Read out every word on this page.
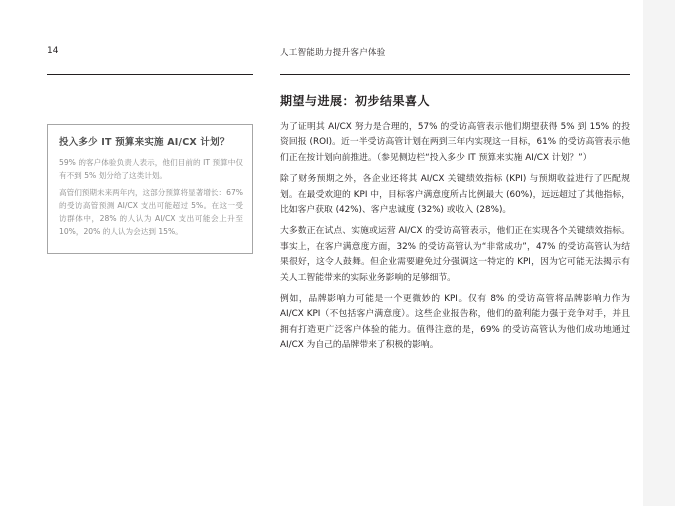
14	人工智能助力提升客户体验
投入多少 IT 预算来实施 AI/CX 计划？

59% 的客户体验负责人表示，他们目前的 IT 预算中仅有不到 5% 划分给了这类计划。

高管们预期未来两年内，这部分预算将显著增长：67% 的受访高管预测 AI/CX 支出可能超过 5%。在这一受访群体中，28% 的人认为 AI/CX 支出可能会上升至 10%，20% 的人认为会达到 15%。

期望与进展：初步结果喜人

为了证明其 AI/CX 努力是合理的，57% 的受访高管表示他们期望获得 5% 到 15% 的投资回报 (ROI)。近一半受访高管计划在两到三年内实现这一目标，61% 的受访高管表示他们正在按计划向前推进。（参见侧边栏“投入多少 IT 预算来实施 AI/CX 计划？”）

除了财务预期之外，各企业还将其 AI/CX 关键绩效指标 (KPI) 与预期收益进行了匹配规划。在最受欢迎的 KPI 中，目标客户满意度所占比例最大 (60%)，远远超过了其他指标，比如客户获取 (42%)、客户忠诚度 (32%) 或收入 (28%)。

大多数正在试点、实施或运营 AI/CX 的受访高管表示，他们正在实现各个关键绩效指标。事实上，在客户满意度方面，32% 的受访高管认为“非常成功”，47% 的受访高管认为结果很好，这令人鼓舞。但企业需要避免过分强调这一特定的 KPI，因为它可能无法揭示有关人工智能带来的实际业务影响的足够细节。

例如，品牌影响力可能是一个更微妙的 KPI。仅有 8% 的受访高管将品牌影响力作为 AI/CX KPI（不包括客户满意度）。这些企业报告称，他们的盈利能力强于竞争对手，并且拥有打造更广泛客户体验的能力。值得注意的是，69% 的受访高管认为他们成功地通过 AI/CX 为自己的品牌带来了积极的影响。
